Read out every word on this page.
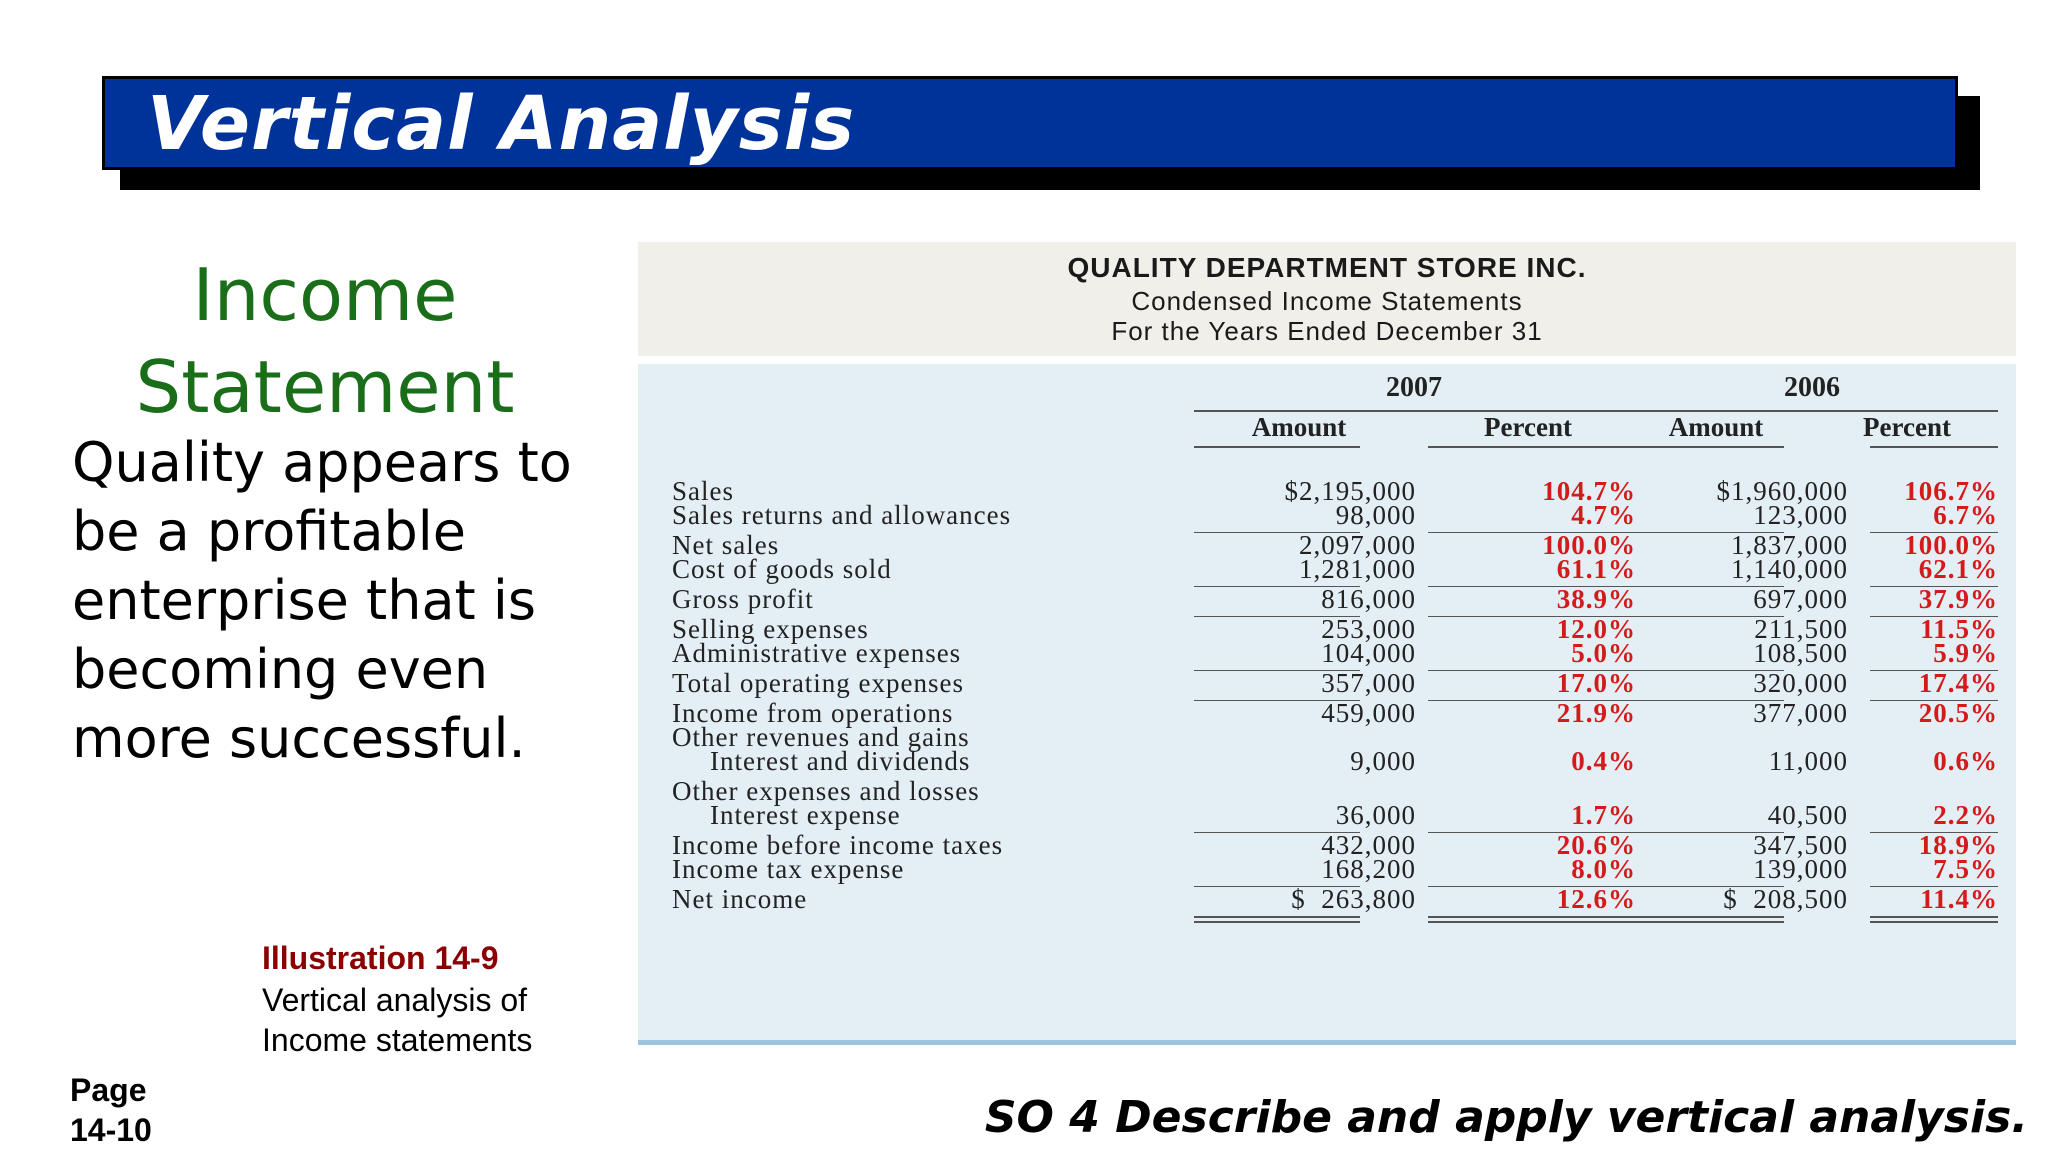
Vertical Analysis
Income
Statement
Quality appears to be a profitable enterprise that is becoming even more successful.
Illustration 14-9
Vertical analysis of
Income statements
Page
14-10	SO 4 Describe and apply vertical analysis.
QUALITY DEPARTMENT STORE INC.
Condensed Income Statements
For the Years Ended December 31
2007	2006
Amount	Percent	Amount	Percent
Sales	$2,195,000	104.7%	$1,960,000	106.7%
Sales returns and allowances	98,000	4.7%	123,000	6.7%
Net sales	2,097,000	100.0%	1,837,000	100.0%
Cost of goods sold	1,281,000	61.1%	1,140,000	62.1%
Gross profit	816,000	38.9%	697,000	37.9%
Selling expenses	253,000	12.0%	211,500	11.5%
Administrative expenses	104,000	5.0%	108,500	5.9%
Total operating expenses	357,000	17.0%	320,000	17.4%
Income from operations	459,000	21.9%	377,000	20.5%
Other revenues and gains
Interest and dividends	9,000	0.4%	11,000	0.6%
Other expenses and losses
Interest expense	36,000	1.7%	40,500	2.2%
Income before income taxes	432,000	20.6%	347,500	18.9%
Income tax expense	168,200	8.0%	139,000	7.5%
Net income	$  263,800	12.6%	$  208,500	11.4%
